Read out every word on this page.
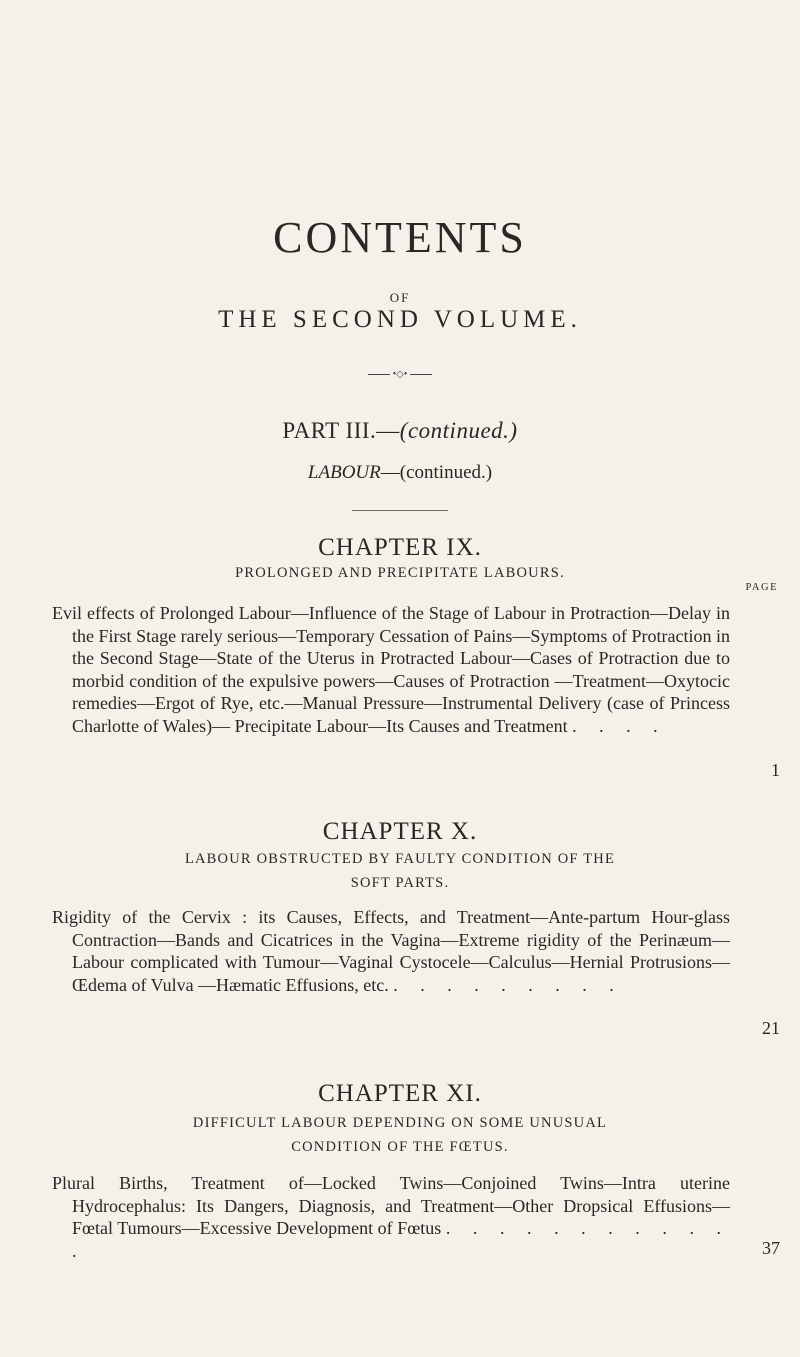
CONTENTS
OF
THE SECOND VOLUME.
•◇•
PART III.—(continued.)
LABOUR—(continued.)
CHAPTER IX.
PROLONGED AND PRECIPITATE LABOURS.
PAGE
Evil effects of Prolonged Labour—Influence of the Stage of Labour in Protraction—Delay in the First Stage rarely serious—Temporary Cessation of Pains—Symptoms of Protraction in the Second Stage—State of the Uterus in Protracted Labour—Cases of Protraction due to morbid condition of the expulsive powers—Causes of Protraction —Treatment—Oxytocic remedies—Ergot of Rye, etc.—Manual Pressure—Instrumental Delivery (case of Princess Charlotte of Wales)— Precipitate Labour—Its Causes and Treatment . . . .
1
CHAPTER X.
LABOUR OBSTRUCTED BY FAULTY CONDITION OF THE
SOFT PARTS.
Rigidity of the Cervix : its Causes, Effects, and Treatment—Ante-partum Hour-glass Contraction—Bands and Cicatrices in the Vagina—Extreme rigidity of the Perinæum—Labour complicated with Tumour—Vaginal Cystocele—Calculus—Hernial Protrusions—Œdema of Vulva —Hæmatic Effusions, etc. . . . . . . . . .
21
CHAPTER XI.
DIFFICULT LABOUR DEPENDING ON SOME UNUSUAL
CONDITION OF THE FŒTUS.
Plural Births, Treatment of—Locked Twins—Conjoined Twins—Intra uterine Hydrocephalus: Its Dangers, Diagnosis, and Treatment—Other Dropsical Effusions—Fœtal Tumours—Excessive Development of Fœtus . . . . . . . . . . . .	37
